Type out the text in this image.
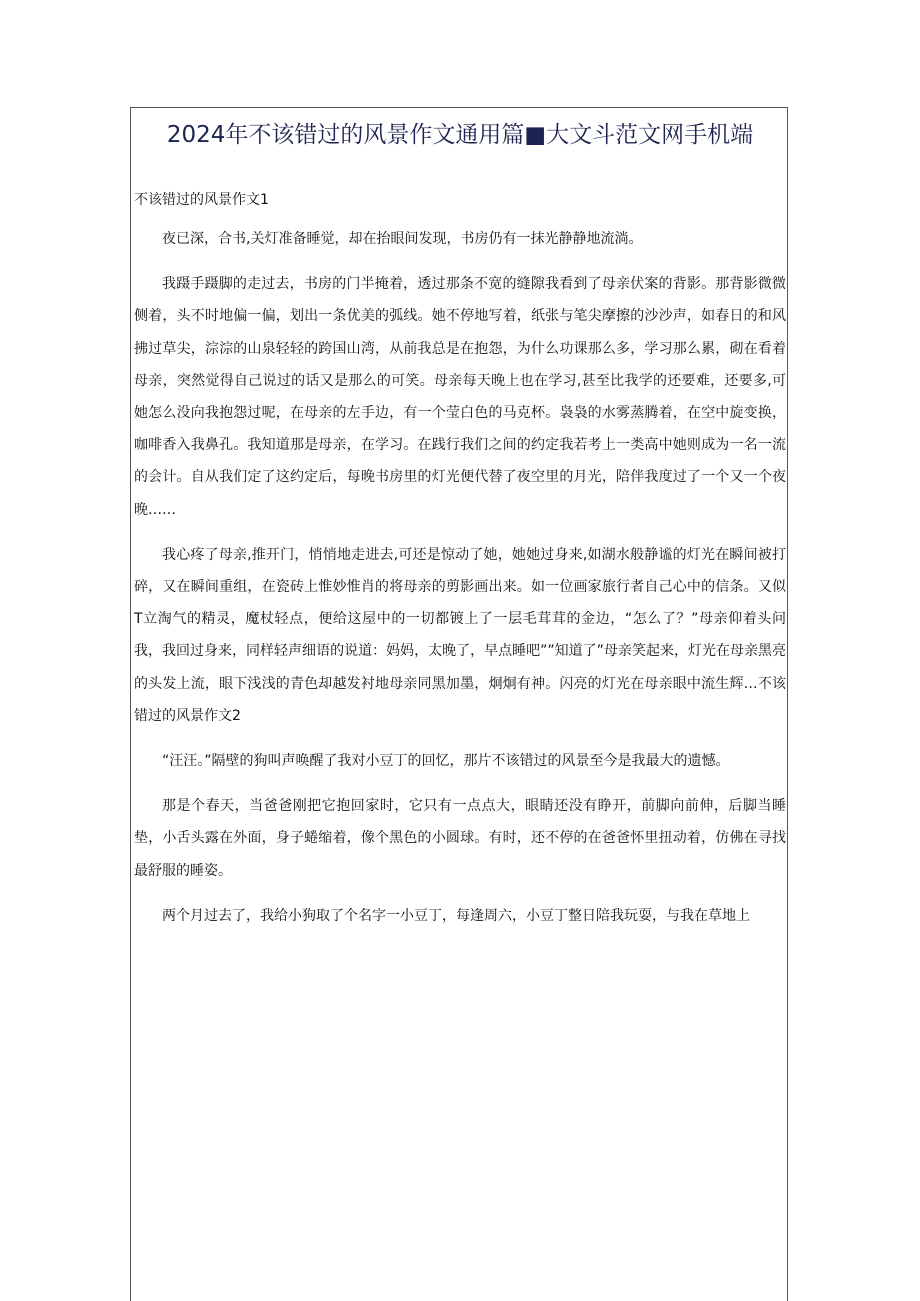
2024年不该错过的风景作文通用篇■大文斗范文网手机端
不该错过的风景作文1

夜已深，合书,关灯准备睡觉，却在抬眼间发现，书房仍有一抹光静静地流淌。

我蹑手蹑脚的走过去，书房的门半掩着，透过那条不宽的缝隙我看到了母亲伏案的背影。那背影微微侧着，头不时地偏一偏，划出一条优美的弧线。她不停地写着，纸张与笔尖摩擦的沙沙声，如春日的和风拂过草尖，淙淙的山泉轻轻的跨国山湾，从前我总是在抱怨，为什么功课那么多，学习那么累，砌在看着母亲，突然觉得自己说过的话又是那么的可笑。母亲每天晚上也在学习,甚至比我学的还要难，还要多,可她怎么没向我抱怨过呢，在母亲的左手边，有一个莹白色的马克杯。袅袅的水雾蒸腾着，在空中旋变换，咖啡香入我鼻孔。我知道那是母亲，在学习。在践行我们之间的约定我若考上一类高中她则成为一名一流的会计。自从我们定了这约定后，每晚书房里的灯光便代替了夜空里的月光，陪伴我度过了一个又一个夜晚……

我心疼了母亲,推开门，悄悄地走进去,可还是惊动了她，她她过身来,如湖水般静谧的灯光在瞬间被打碎，又在瞬间重组，在瓷砖上惟妙惟肖的将母亲的剪影画出来。如一位画家旅行者自己心中的信条。又似T立淘气的精灵，魔杖轻点，便给这屋中的一切都镀上了一层毛茸茸的金边，“怎么了？”母亲仰着头问我，我回过身来，同样轻声细语的说道：妈妈，太晚了，早点睡吧””知道了”母亲笑起来，灯光在母亲黑亮的头发上流，眼下浅浅的青色却越发衬地母亲同黑加墨，炯炯有神。闪亮的灯光在母亲眼中流生辉…不该错过的风景作文2

“汪汪。”隔壁的狗叫声唤醒了我对小豆丁的回忆，那片不该错过的风景至今是我最大的遗憾。

那是个春天，当爸爸刚把它抱回家时，它只有一点点大，眼睛还没有睁开，前脚向前伸，后脚当睡垫，小舌头露在外面，身子蜷缩着，像个黑色的小圆球。有时，还不停的在爸爸怀里扭动着，仿佛在寻找最舒服的睡姿。

两个月过去了，我给小狗取了个名字一小豆丁，每逢周六，小豆丁整日陪我玩耍，与我在草地上
